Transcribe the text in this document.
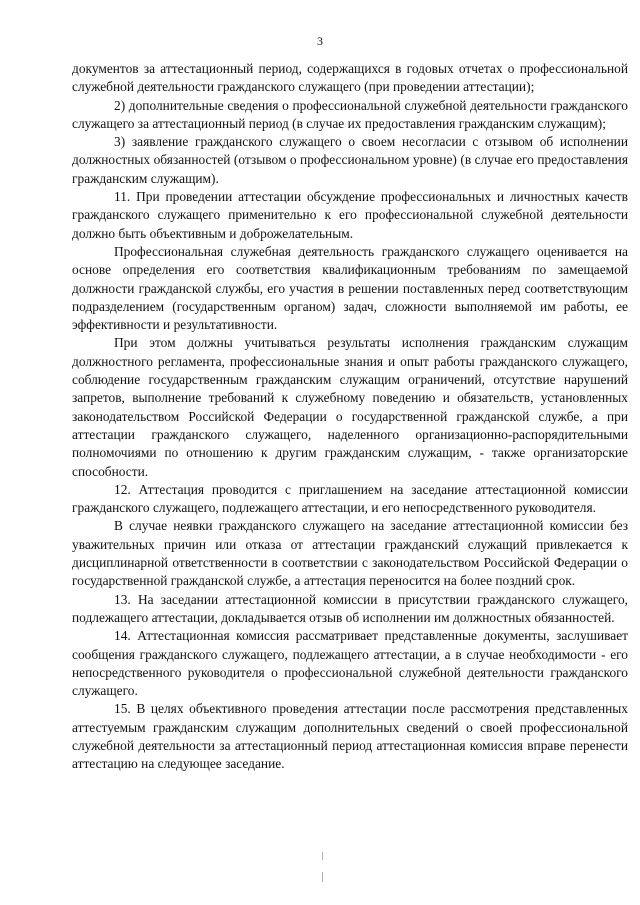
3

документов за аттестационный период, содержащихся в годовых отчетах о профессиональной служебной деятельности гражданского служащего (при проведении аттестации);

2) дополнительные сведения о профессиональной служебной деятельности гражданского служащего за аттестационный период (в случае их предоставления гражданским служащим);

3) заявление гражданского служащего о своем несогласии с отзывом об исполнении должностных обязанностей (отзывом о профессиональном уровне) (в случае его предоставления гражданским служащим).

11. При проведении аттестации обсуждение профессиональных и личностных качеств гражданского служащего применительно к его профессиональной служебной деятельности должно быть объективным и доброжелательным.

Профессиональная служебная деятельность гражданского служащего оценивается на основе определения его соответствия квалификационным требованиям по замещаемой должности гражданской службы, его участия в решении поставленных перед соответствующим подразделением (государственным органом) задач, сложности выполняемой им работы, ее эффективности и результативности.

При этом должны учитываться результаты исполнения гражданским служащим должностного регламента, профессиональные знания и опыт работы гражданского служащего, соблюдение государственным гражданским служащим ограничений, отсутствие нарушений запретов, выполнение требований к служебному поведению и обязательств, установленных законодательством Российской Федерации о государственной гражданской службе, а при аттестации гражданского служащего, наделенного организационно-распорядительными полномочиями по отношению к другим гражданским служащим, - также организаторские способности.

12. Аттестация проводится с приглашением на заседание аттестационной комиссии гражданского служащего, подлежащего аттестации, и его непосредственного руководителя.

В случае неявки гражданского служащего на заседание аттестационной комиссии без уважительных причин или отказа от аттестации гражданский служащий привлекается к дисциплинарной ответственности в соответствии с законодательством Российской Федерации о государственной гражданской службе, а аттестация переносится на более поздний срок.

13. На заседании аттестационной комиссии в присутствии гражданского служащего, подлежащего аттестации, докладывается отзыв об исполнении им должностных обязанностей.

14. Аттестационная комиссия рассматривает представленные документы, заслушивает сообщения гражданского служащего, подлежащего аттестации, а в случае необходимости - его непосредственного руководителя о профессиональной служебной деятельности гражданского служащего.

15. В целях объективного проведения аттестации после рассмотрения представленных аттестуемым гражданским служащим дополнительных сведений о своей профессиональной служебной деятельности за аттестационный период аттестационная комиссия вправе перенести аттестацию на следующее заседание.
